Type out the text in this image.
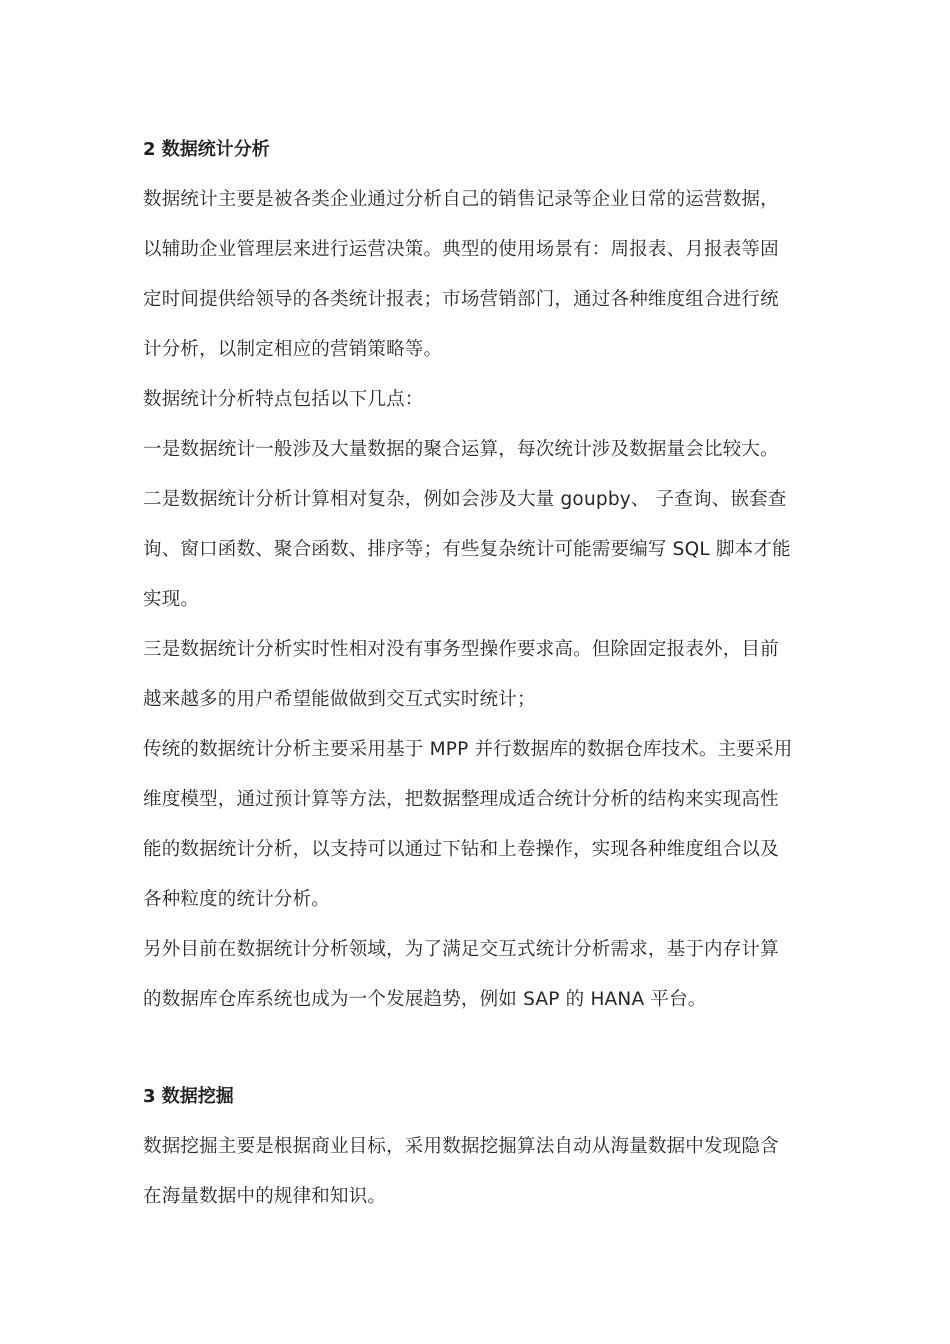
2 数据统计分析

数据统计主要是被各类企业通过分析自己的销售记录等企业日常的运营数据，
以辅助企业管理层来进行运营决策。典型的使用场景有：周报表、月报表等固
定时间提供给领导的各类统计报表；市场营销部门，通过各种维度组合进行统
计分析，以制定相应的营销策略等。

数据统计分析特点包括以下几点：

一是数据统计一般涉及大量数据的聚合运算，每次统计涉及数据量会比较大。

二是数据统计分析计算相对复杂，例如会涉及大量 goupby、 子查询、嵌套查
询、窗口函数、聚合函数、排序等；有些复杂统计可能需要编写 SQL 脚本才能
实现。

三是数据统计分析实时性相对没有事务型操作要求高。但除固定报表外，目前
越来越多的用户希望能做做到交互式实时统计；

传统的数据统计分析主要采用基于 MPP 并行数据库的数据仓库技术。主要采用
维度模型，通过预计算等方法，把数据整理成适合统计分析的结构来实现高性
能的数据统计分析，以支持可以通过下钻和上卷操作，实现各种维度组合以及
各种粒度的统计分析。

另外目前在数据统计分析领域，为了满足交互式统计分析需求，基于内存计算
的数据库仓库系统也成为一个发展趋势，例如 SAP 的 HANA 平台。

3 数据挖掘

数据挖掘主要是根据商业目标，采用数据挖掘算法自动从海量数据中发现隐含
在海量数据中的规律和知识。
